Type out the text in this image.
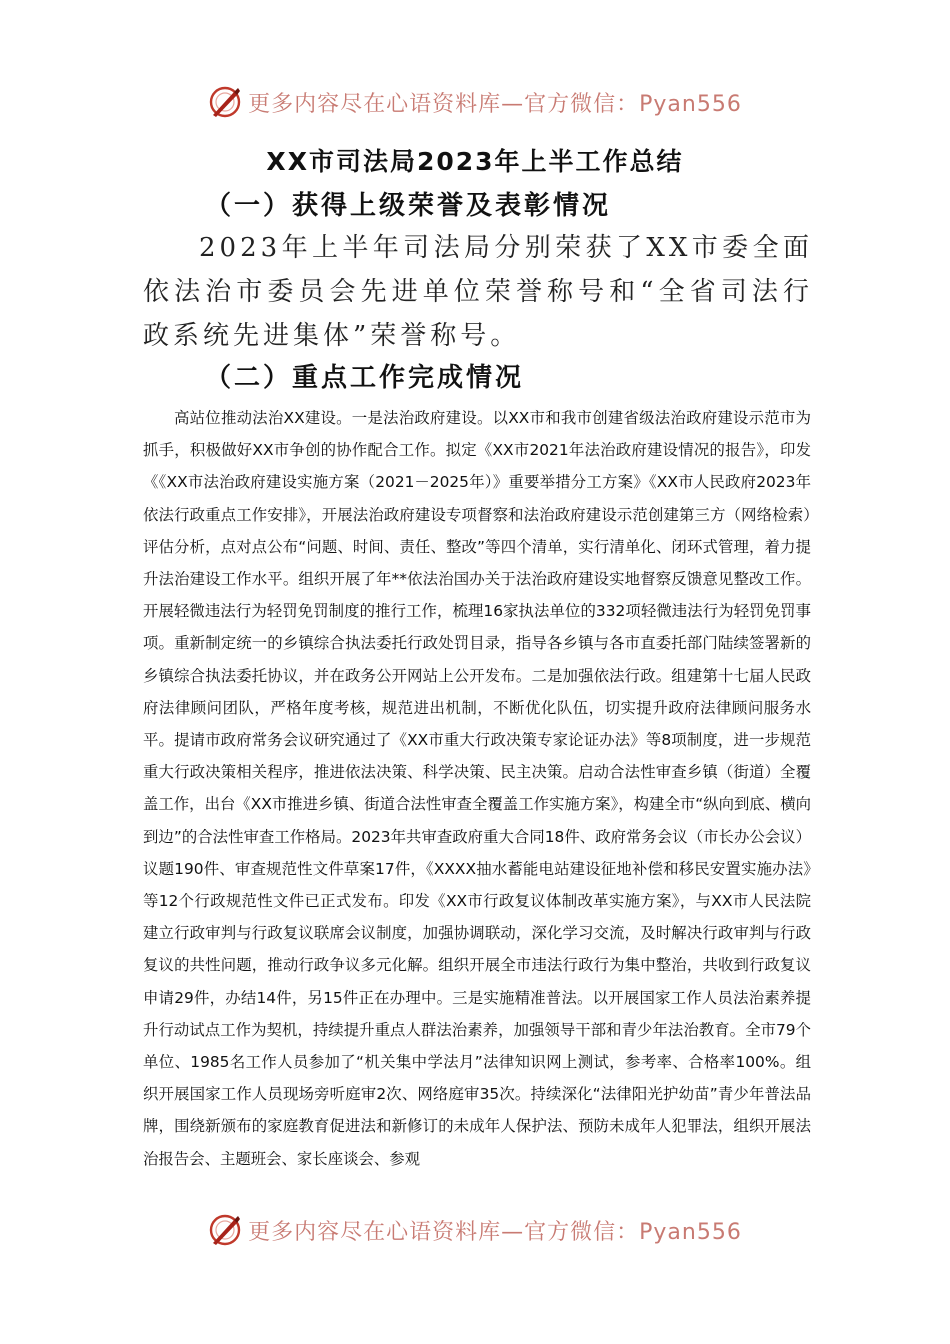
更多内容尽在心语资料库—官方微信：Pyan556
XX市司法局2023年上半工作总结
（一）获得上级荣誉及表彰情况

2023年上半年司法局分别荣获了XX市委全面依法治市委员会先进单位荣誉称号和“全省司法行政系统先进集体”荣誉称号。

（二）重点工作完成情况

高站位推动法治XX建设。一是法治政府建设。以XX市和我市创建省级法治政府建设示范市为抓手，积极做好XX市争创的协作配合工作。拟定《XX市2021年法治政府建设情况的报告》，印发《《XX市法治政府建设实施方案（2021－2025年）》重要举措分工方案》《XX市人民政府2023年依法行政重点工作安排》，开展法治政府建设专项督察和法治政府建设示范创建第三方（网络检索）评估分析，点对点公布“问题、时间、责任、整改”等四个清单，实行清单化、闭环式管理，着力提升法治建设工作水平。组织开展了年**依法治国办关于法治政府建设实地督察反馈意见整改工作。开展轻微违法行为轻罚免罚制度的推行工作，梳理16家执法单位的332项轻微违法行为轻罚免罚事项。重新制定统一的乡镇综合执法委托行政处罚目录，指导各乡镇与各市直委托部门陆续签署新的乡镇综合执法委托协议，并在政务公开网站上公开发布。二是加强依法行政。组建第十七届人民政府法律顾问团队，严格年度考核，规范进出机制，不断优化队伍，切实提升政府法律顾问服务水平。提请市政府常务会议研究通过了《XX市重大行政决策专家论证办法》等8项制度，进一步规范重大行政决策相关程序，推进依法决策、科学决策、民主决策。启动合法性审查乡镇（街道）全覆盖工作，出台《XX市推进乡镇、街道合法性审查全覆盖工作实施方案》，构建全市“纵向到底、横向到边”的合法性审查工作格局。2023年共审查政府重大合同18件、政府常务会议（市长办公会议）议题190件、审查规范性文件草案17件，《XXXX抽水蓄能电站建设征地补偿和移民安置实施办法》等12个行政规范性文件已正式发布。印发《XX市行政复议体制改革实施方案》，与XX市人民法院建立行政审判与行政复议联席会议制度，加强协调联动，深化学习交流，及时解决行政审判与行政复议的共性问题，推动行政争议多元化解。组织开展全市违法行政行为集中整治，共收到行政复议申请29件，办结14件，另15件正在办理中。三是实施精准普法。以开展国家工作人员法治素养提升行动试点工作为契机，持续提升重点人群法治素养，加强领导干部和青少年法治教育。全市79个单位、1985名工作人员参加了“机关集中学法月”法律知识网上测试，参考率、合格率100%。组织开展国家工作人员现场旁听庭审2次、网络庭审35次。持续深化“法律阳光护幼苗”青少年普法品牌，围绕新颁布的家庭教育促进法和新修订的未成年人保护法、预防未成年人犯罪法，组织开展法治报告会、主题班会、家长座谈会、参观

更多内容尽在心语资料库—官方微信：Pyan556
